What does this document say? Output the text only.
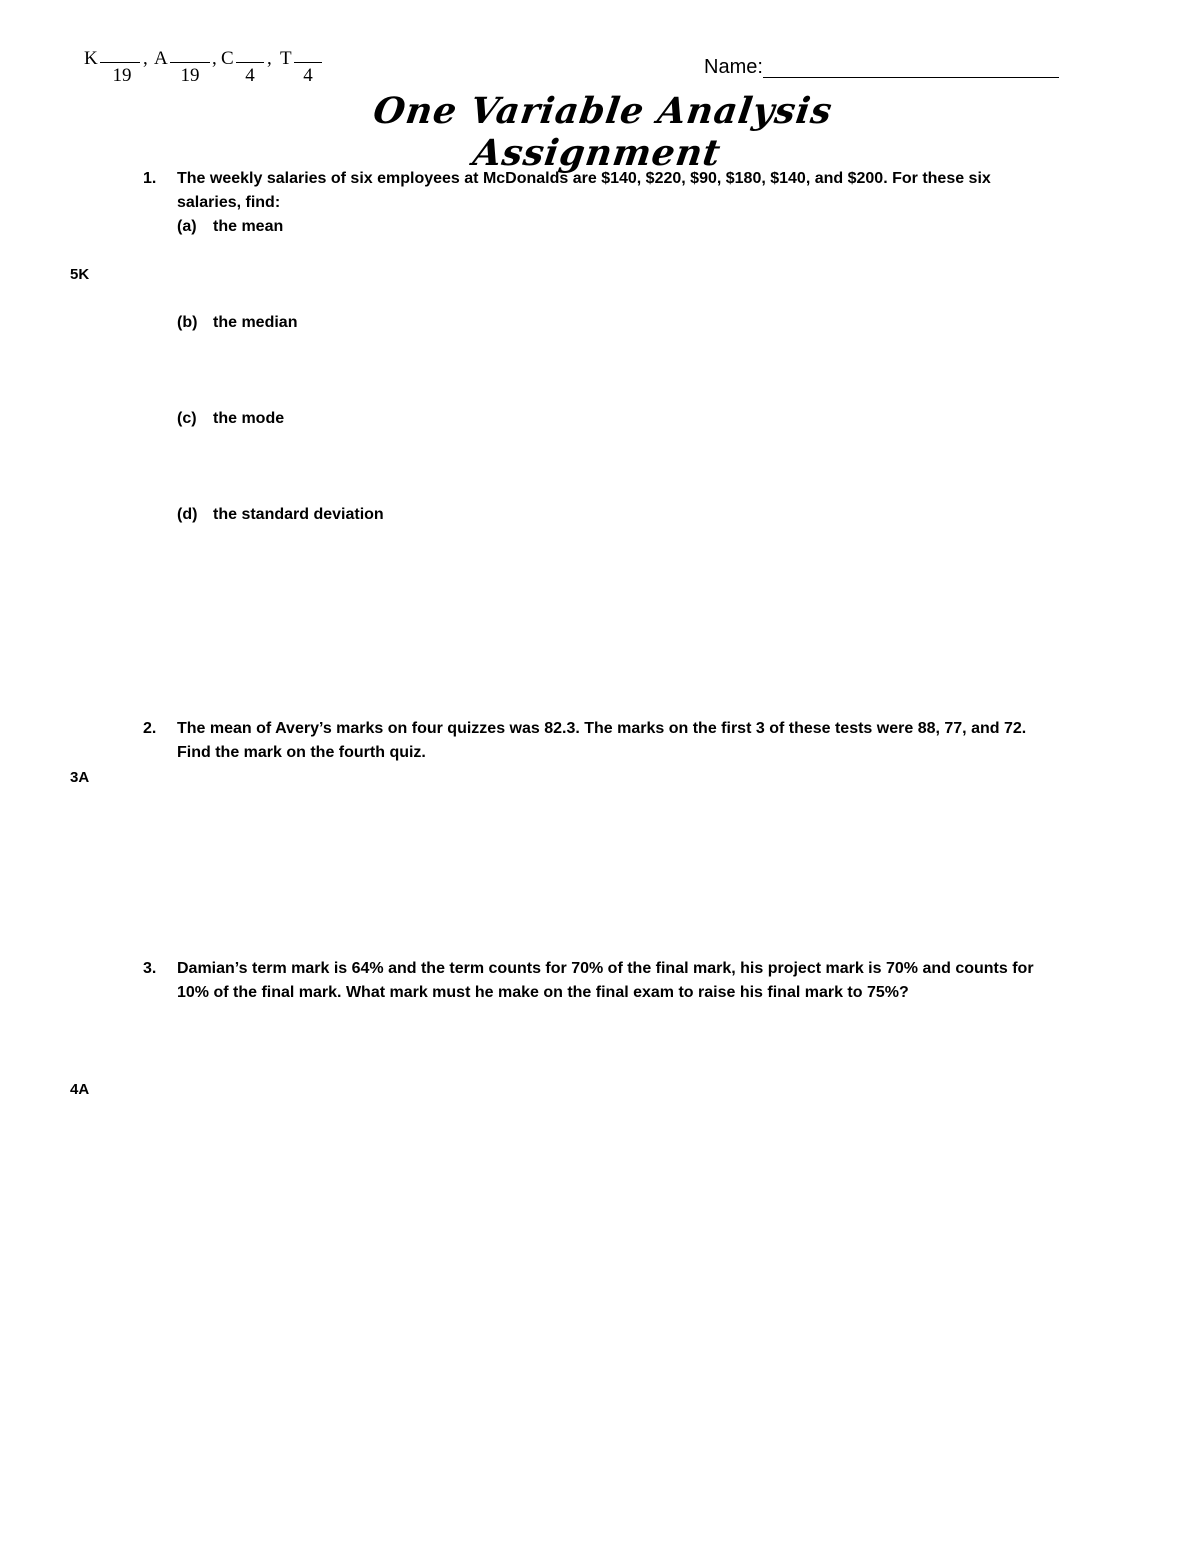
K
19
, A
19
, C
4
, T
4	Name:
One Variable Analysis Assignment
1.	The weekly salaries of six employees at McDonalds are $140, $220, $90, $180, $140, and $200. For these six salaries, find:
(a)	the mean
5K
(b) the median
(c)	the mode
(d) the standard deviation
2.	The mean of Avery’s marks on four quizzes was 82.3. The marks on the first 3 of these tests were 88, 77, and 72. Find the mark on the fourth quiz.
3A
3.	Damian’s term mark is 64% and the term counts for 70% of the final mark, his project mark is 70% and counts for 10% of the final mark. What mark must he make on the final exam to raise his final mark to 75%?
4A
